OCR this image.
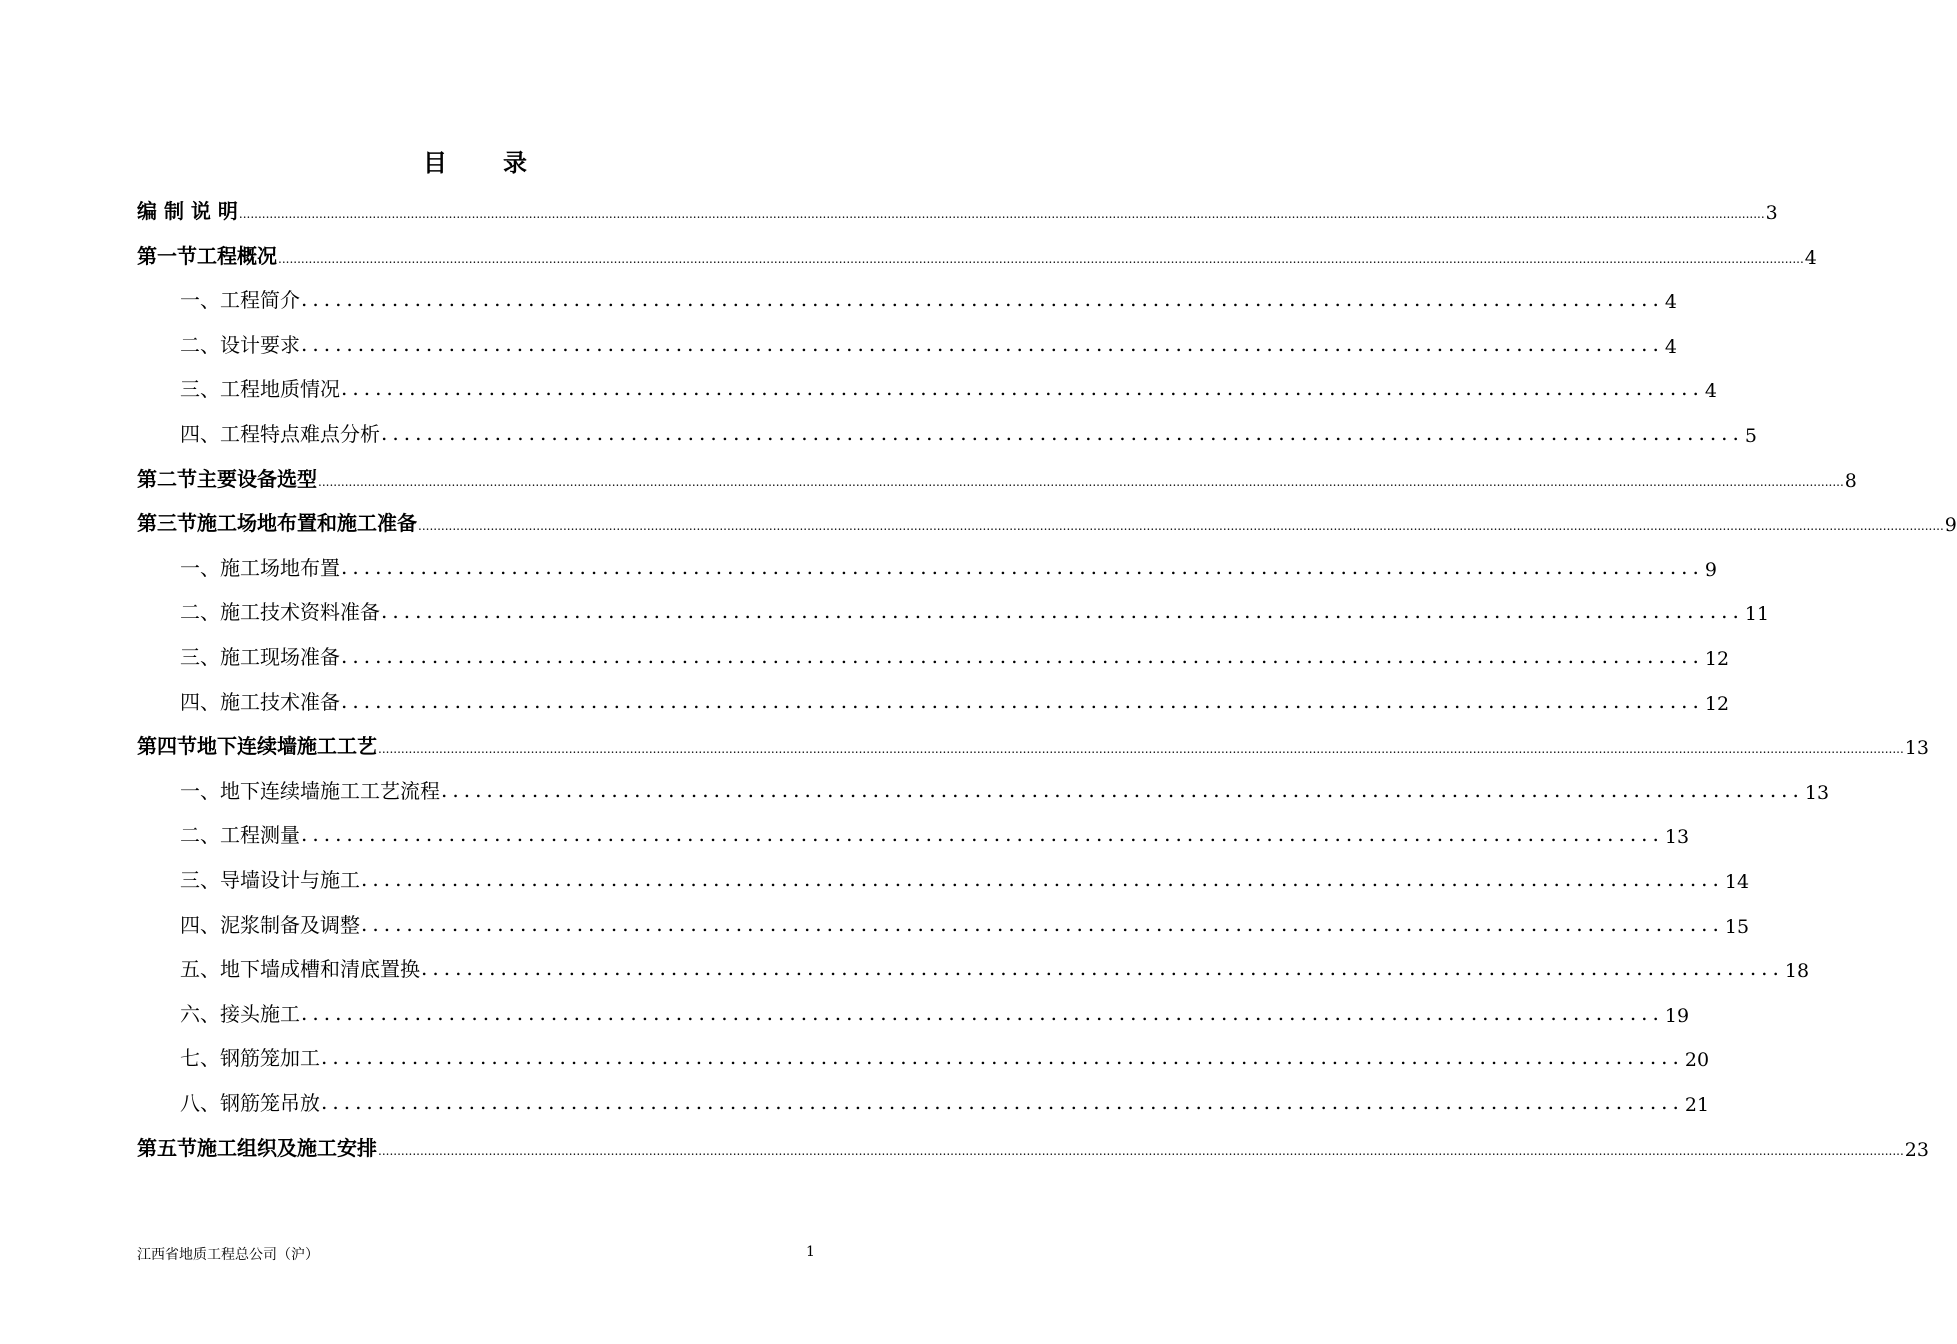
目录
编 制 说 明 ................................................................................................................................................................................................................................................................................................................................................................................................................ 3
第一节 工程概况 ................................................................................................................................................................................................................................................................................................................................................................................................................ 4
一、工程简介 ........................................................................................................................ 4
二、设计要求 ........................................................................................................................ 4
三、工程地质情况 ........................................................................................................................ 4
四、工程特点难点分析 ........................................................................................................................ 5
第二节 主要设备选型 ................................................................................................................................................................................................................................................................................................................................................................................................................ 8
第三节 施工场地布置和施工准备 ................................................................................................................................................................................................................................................................................................................................................................................................................ 9
一、施工场地布置 ........................................................................................................................ 9
二、施工技术资料准备 ........................................................................................................................ 11
三、施工现场准备 ........................................................................................................................ 12
四、施工技术准备 ........................................................................................................................ 12
第四节 地下连续墙施工工艺 ................................................................................................................................................................................................................................................................................................................................................................................................................ 13
一、地下连续墙施工工艺流程 ........................................................................................................................ 13
二、工程测量 ........................................................................................................................ 13
三、导墙设计与施工 ........................................................................................................................ 14
四、泥浆制备及调整 ........................................................................................................................ 15
五、地下墙成槽和清底置换 ........................................................................................................................ 18
六、接头施工 ........................................................................................................................ 19
七、钢筋笼加工 ........................................................................................................................ 20
八、钢筋笼吊放 ........................................................................................................................ 21
第五节 施工组织及施工安排 ................................................................................................................................................................................................................................................................................................................................................................................................................ 23
江西省地质工程总公司（沪）	1
